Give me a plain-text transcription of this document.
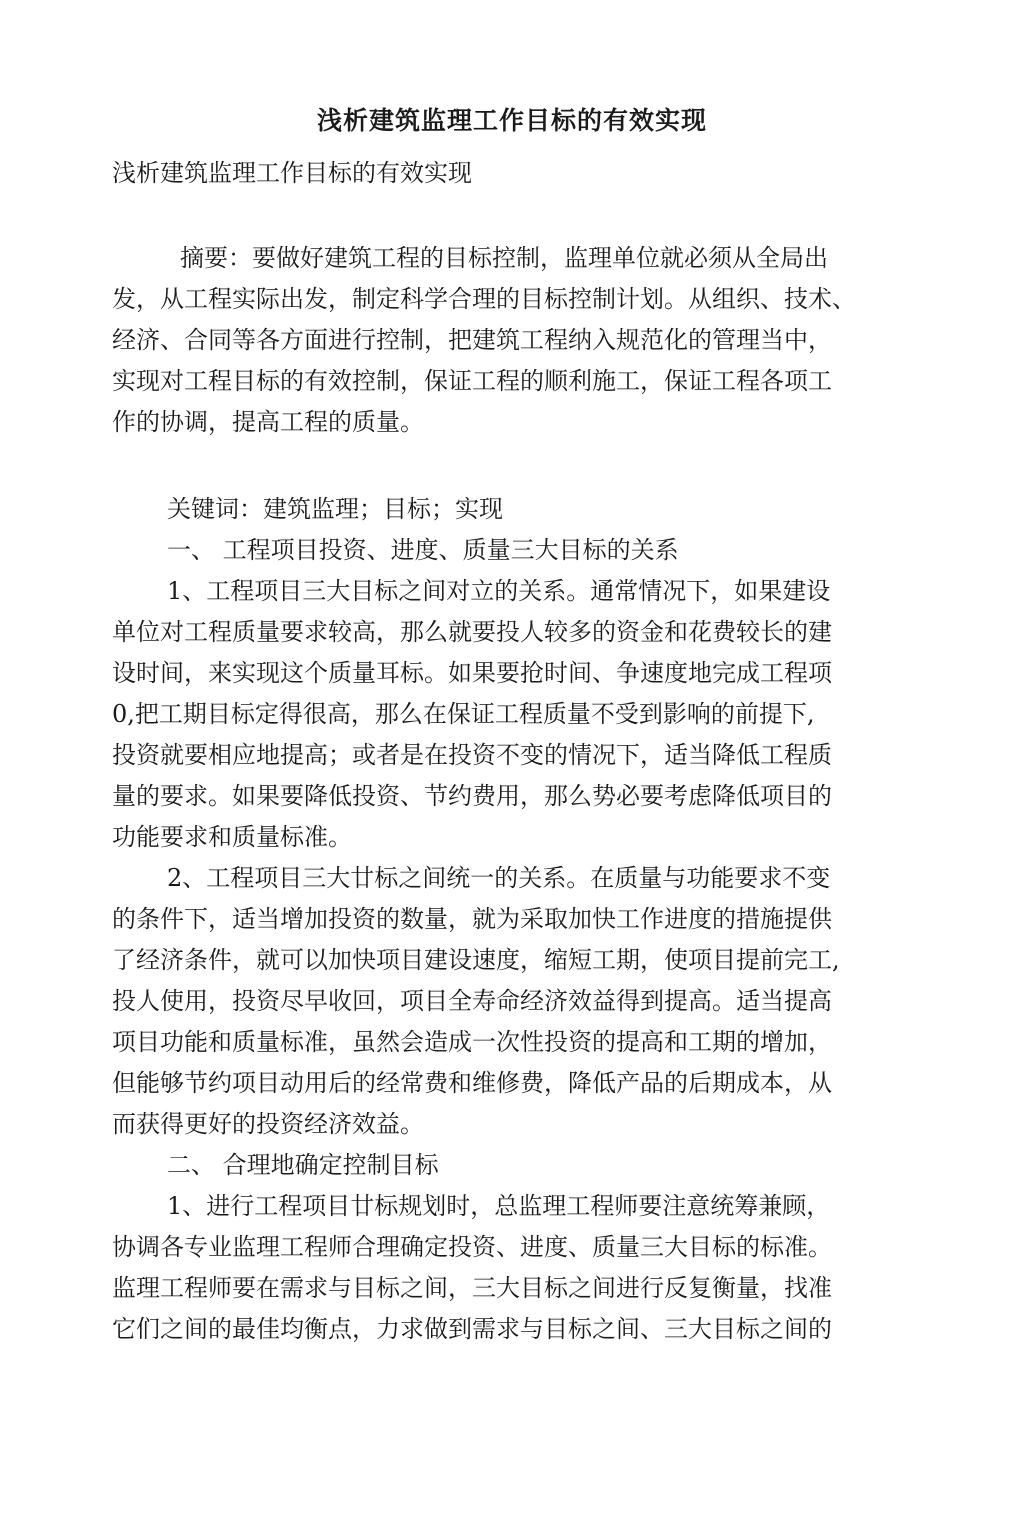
浅析建筑监理工作目标的有效实现
浅析建筑监理工作目标的有效实现
摘要：要做好建筑工程的目标控制，监理单位就必须从全局出
发，从工程实际出发，制定科学合理的目标控制计划。从组织、技术、
经济、合同等各方面进行控制，把建筑工程纳入规范化的管理当中，
实现对工程目标的有效控制，保证工程的顺利施工，保证工程各项工
作的协调，提高工程的质量。
关键词：建筑监理；目标；实现
一、 工程项目投资、进度、质量三大目标的关系
1、工程项目三大目标之间对立的关系。通常情况下，如果建设
单位对工程质量要求较高，那么就要投人较多的资金和花费较长的建
设时间，来实现这个质量耳标。如果要抢时间、争速度地完成工程项
0,把工期目标定得很高，那么在保证工程质量不受到影响的前提下,
投资就要相应地提高；或者是在投资不变的情况下，适当降低工程质
量的要求。如果要降低投资、节约费用，那么势必要考虑降低项目的
功能要求和质量标准。
2、工程项目三大廿标之间统一的关系。在质量与功能要求不变
的条件下，适当增加投资的数量，就为采取加快工作进度的措施提供
了经济条件，就可以加快项目建设速度，缩短工期，使项目提前完工,
投人使用，投资尽早收回，项目全寿命经济效益得到提高。适当提高
项目功能和质量标准，虽然会造成一次性投资的提高和工期的增加，
但能够节约项目动用后的经常费和维修费，降低产品的后期成本，从
而获得更好的投资经济效益。
二、 合理地确定控制目标
1、进行工程项目廿标规划时，总监理工程师要注意统筹兼顾，
协调各专业监理工程师合理确定投资、进度、质量三大目标的标准。
监理工程师要在需求与目标之间，三大目标之间进行反复衡量，找准
它们之间的最佳均衡点，力求做到需求与目标之间、三大目标之间的
